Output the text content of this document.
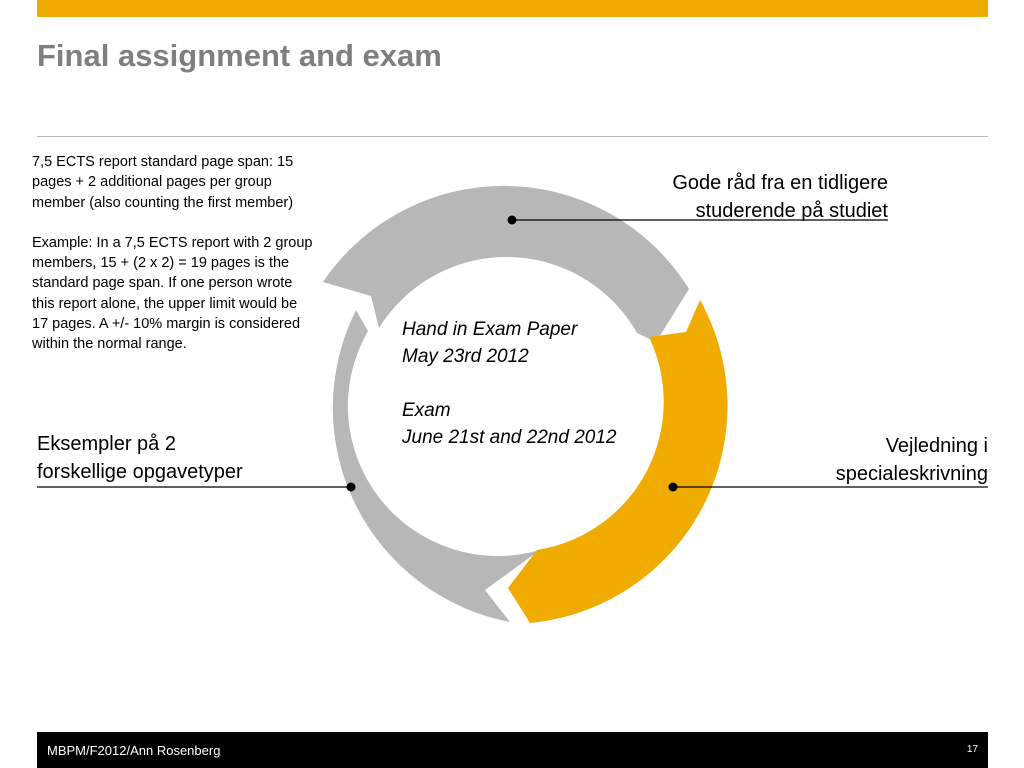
Final assignment and exam

7,5 ECTS report standard page span: 15 pages + 2 additional pages per group member (also counting the first member)

Example: In a 7,5 ECTS report with 2 group members, 15 + (2 x 2) = 19 pages is the standard page span. If one person wrote this report alone, the upper limit would be 17 pages. A +/- 10% margin is considered within the normal range.

Hand in Exam Paper

May 23rd 2012

Exam

June 21st and 22nd 2012

Gode råd fra en tidligere
studerende på studiet
Eksempler på 2
forskellige opgavetyper
Vejledning i
specialeskrivning
MBPM/F2012/Ann Rosenberg	17
